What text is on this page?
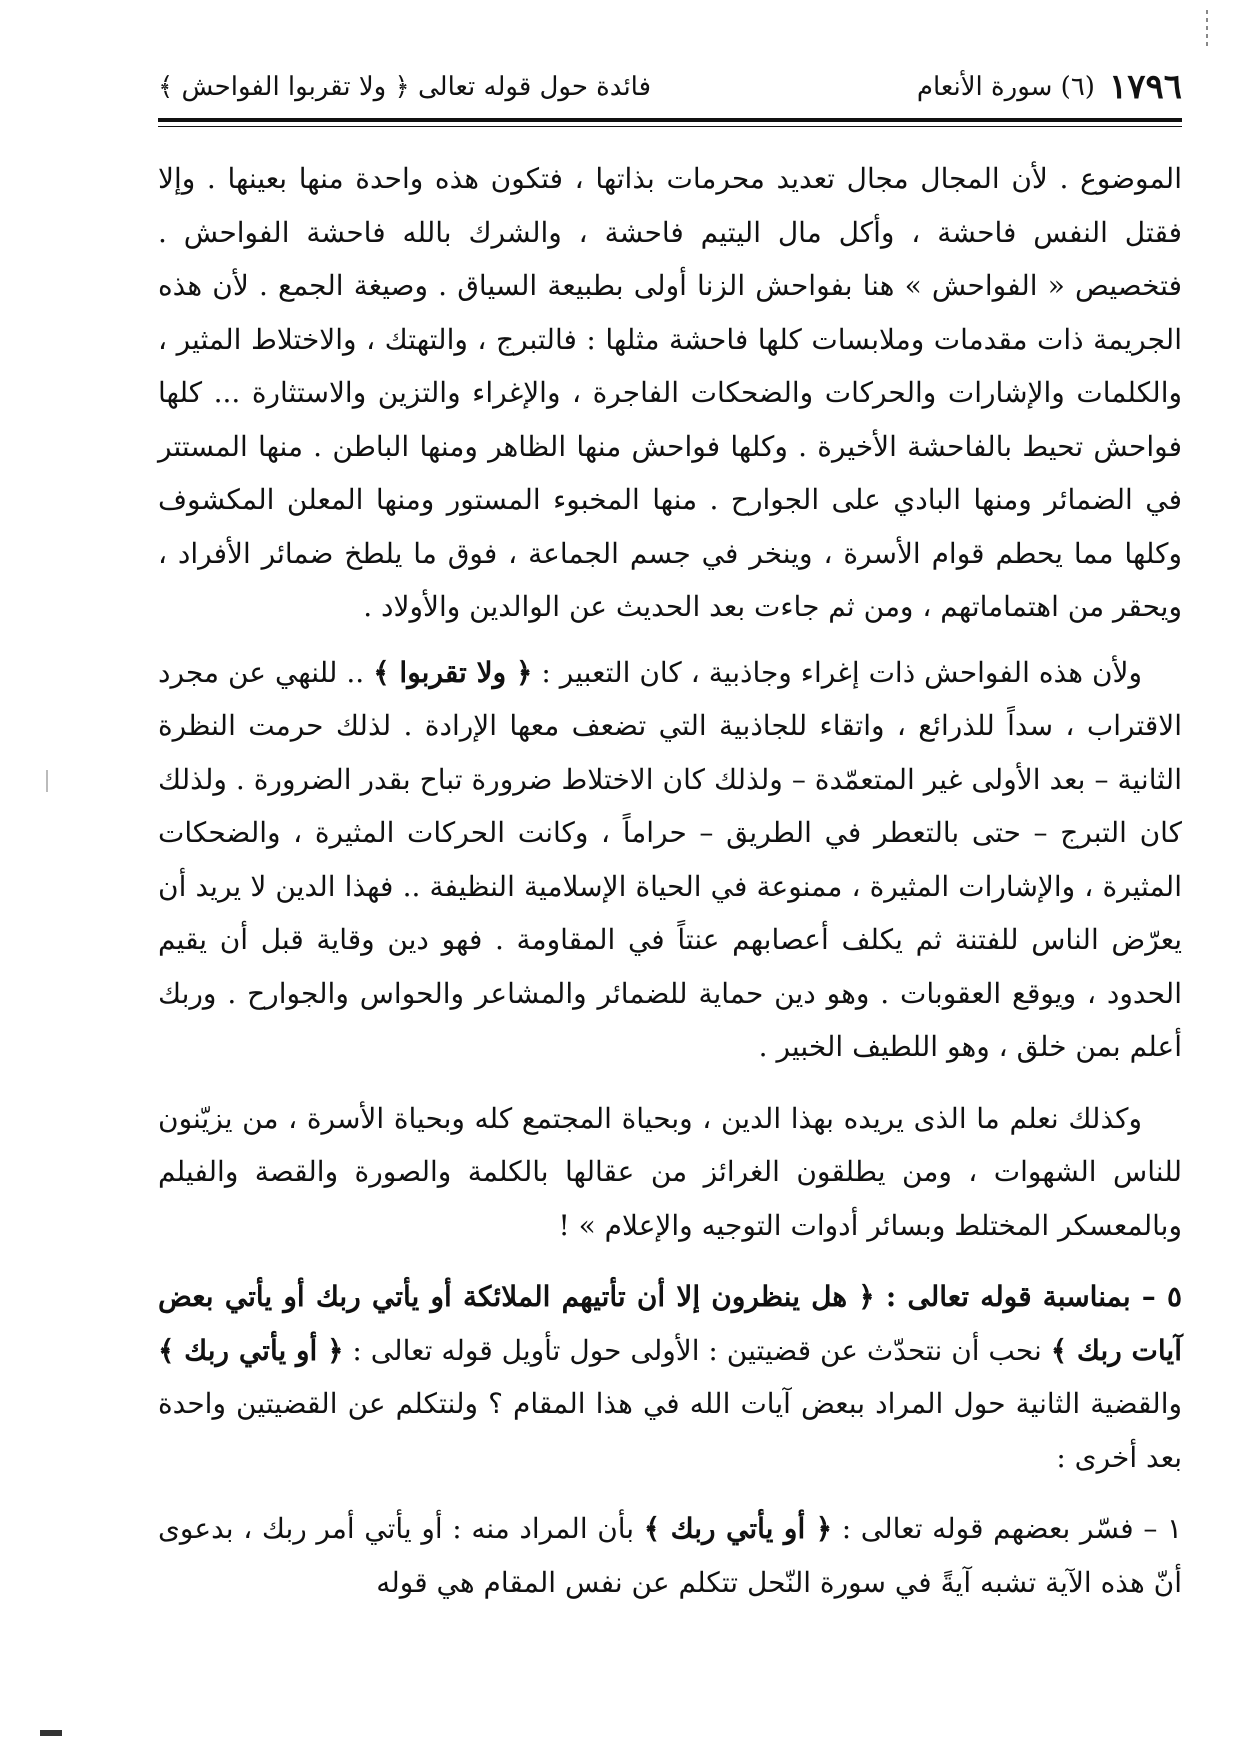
١٧٩٦
(٦) سورة الأنعام
فائدة حول قوله تعالى ﴿ ولا تقربوا الفواحش ﴾

الموضوع . لأن المجال مجال تعديد محرمات بذاتها ، فتكون هذه واحدة منها بعينها . وإلا فقتل النفس فاحشة ، وأكل مال اليتيم فاحشة ، والشرك بالله فاحشة الفواحش . فتخصيص « الفواحش » هنا بفواحش الزنا أولى بطبيعة السياق . وصيغة الجمع . لأن هذه الجريمة ذات مقدمات وملابسات كلها فاحشة مثلها : فالتبرج ، والتهتك ، والاختلاط المثير ، والكلمات والإشارات والحركات والضحكات الفاجرة ، والإغراء والتزين والاستثارة ... كلها فواحش تحيط بالفاحشة الأخيرة . وكلها فواحش منها الظاهر ومنها الباطن . منها المستتر في الضمائر ومنها البادي على الجوارح . منها المخبوء المستور ومنها المعلن المكشوف وكلها مما يحطم قوام الأسرة ، وينخر في جسم الجماعة ، فوق ما يلطخ ضمائر الأفراد ، ويحقر من اهتماماتهم ، ومن ثم جاءت بعد الحديث عن الوالدين والأولاد .

ولأن هذه الفواحش ذات إغراء وجاذبية ، كان التعبير : ﴿ ولا تقربوا ﴾ .. للنهي عن مجرد الاقتراب ، سداً للذرائع ، واتقاء للجاذبية التي تضعف معها الإرادة . لذلك حرمت النظرة الثانية – بعد الأولى غير المتعمّدة – ولذلك كان الاختلاط ضرورة تباح بقدر الضرورة . ولذلك كان التبرج – حتى بالتعطر في الطريق – حراماً ، وكانت الحركات المثيرة ، والضحكات المثيرة ، والإشارات المثيرة ، ممنوعة في الحياة الإسلامية النظيفة .. فهذا الدين لا يريد أن يعرّض الناس للفتنة ثم يكلف أعصابهم عنتاً في المقاومة . فهو دين وقاية قبل أن يقيم الحدود ، ويوقع العقوبات . وهو دين حماية للضمائر والمشاعر والحواس والجوارح . وربك أعلم بمن خلق ، وهو اللطيف الخبير .

وكذلك نعلم ما الذى يريده بهذا الدين ، وبحياة المجتمع كله وبحياة الأسرة ، من يزيّنون للناس الشهوات ، ومن يطلقون الغرائز من عقالها بالكلمة والصورة والقصة والفيلم وبالمعسكر المختلط وبسائر أدوات التوجيه والإعلام » !

٥ – بمناسبة قوله تعالى : ﴿ هل ينظرون إلا أن تأتيهم الملائكة أو يأتي ربك أو يأتي بعض آيات ربك ﴾ نحب أن نتحدّث عن قضيتين : الأولى حول تأويل قوله تعالى : ﴿ أو يأتي ربك ﴾ والقضية الثانية حول المراد ببعض آيات الله في هذا المقام ؟ ولنتكلم عن القضيتين واحدة بعد أخرى :

١ – فسّر بعضهم قوله تعالى : ﴿ أو يأتي ربك ﴾ بأن المراد منه : أو يأتي أمر ربك ، بدعوى أنّ هذه الآية تشبه آيةً في سورة النّحل تتكلم عن نفس المقام هي قوله
